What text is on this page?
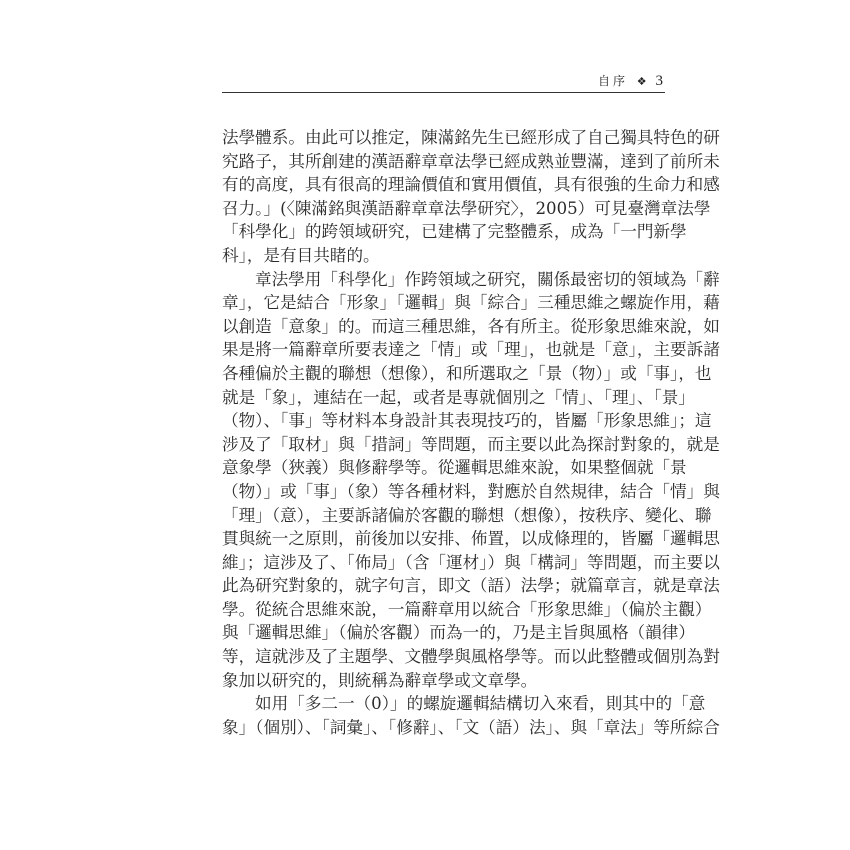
自序 ❖ 3
法學體系。由此可以推定，陳滿銘先生已經形成了自己獨具特色的研
究路子，其所創建的漢語辭章章法學已經成熟並豐滿，達到了前所未
有的高度，具有很高的理論價值和實用價值，具有很強的生命力和感
召力。」(〈陳滿銘與漢語辭章章法學研究〉，2005）可見臺灣章法學
「科學化」的跨領域研究，已建構了完整體系，成為「一門新學
科」，是有目共睹的。
章法學用「科學化」作跨領域之研究，關係最密切的領域為「辭
章」，它是結合「形象」「邏輯」與「綜合」三種思維之螺旋作用，藉
以創造「意象」的。而這三種思維，各有所主。從形象思維來說，如
果是將一篇辭章所要表達之「情」或「理」，也就是「意」，主要訴諸
各種偏於主觀的聯想（想像），和所選取之「景（物）」或「事」，也
就是「象」，連結在一起，或者是專就個別之「情」、「理」、「景」
（物）、「事」等材料本身設計其表現技巧的，皆屬「形象思維」；這
涉及了「取材」與「措詞」等問題，而主要以此為探討對象的，就是
意象學（狹義）與修辭學等。從邏輯思維來說，如果整個就「景
（物）」或「事」（象）等各種材料，對應於自然規律，結合「情」與
「理」（意），主要訴諸偏於客觀的聯想（想像），按秩序、變化、聯
貫與統一之原則，前後加以安排、佈置，以成條理的，皆屬「邏輯思
維」；這涉及了、「佈局」（含「運材」）與「構詞」等問題，而主要以
此為研究對象的，就字句言，即文（語）法學；就篇章言，就是章法
學。從統合思維來說，一篇辭章用以統合「形象思維」（偏於主觀）
與「邏輯思維」（偏於客觀）而為一的，乃是主旨與風格（韻律）
等，這就涉及了主題學、文體學與風格學等。而以此整體或個別為對
象加以研究的，則統稱為辭章學或文章學。
如用「多二一（0）」的螺旋邏輯結構切入來看，則其中的「意
象」（個別）、「詞彙」、「修辭」、「文（語）法」、與「章法」等所綜合
